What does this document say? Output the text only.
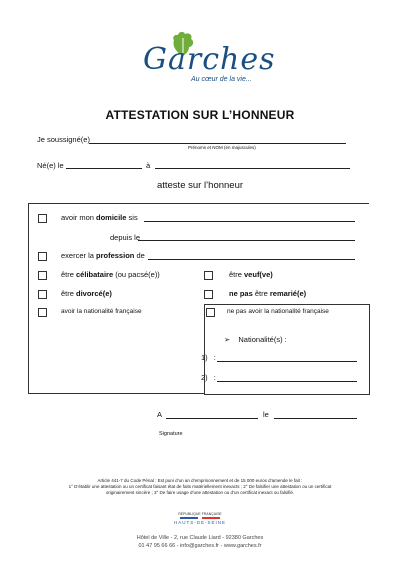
Garches
Au cœur de la vie...
ATTESTATION SUR L’HONNEUR
Je soussigné(e)
Prénoms et NOM (en majuscules)
Né(e) le	à
atteste sur l’honneur
avoir mon domicile sis
depuis le
exercer la profession de
être célibataire (ou pacsé(e))	être veuf(ve)
être divorcé(e)	ne pas être remarié(e)
avoir la nationalité française	ne pas avoir la nationalité française
➢ Nationalité(s) :
1) :
2) :
A	le
Signature
Article 441-7 du Code Pénal : Est puni d’un an d’emprisonnement et de 15 000 euros d’amende le fait :
1° D’établir une attestation ou un certificat faisant état de faits matériellement inexacts ; 2° De falsifier une attestation ou un certificat
originairement sincère ; 3° De faire usage d’une attestation ou d’un certificat inexact ou falsifié.
RÉPUBLIQUE FRANÇAISE
HAUTS-DE-SEINE
Hôtel de Ville - 2, rue Claude Liard - 92380 Garches
01 47 95 66 66 - info@garches.fr - www.garches.fr
